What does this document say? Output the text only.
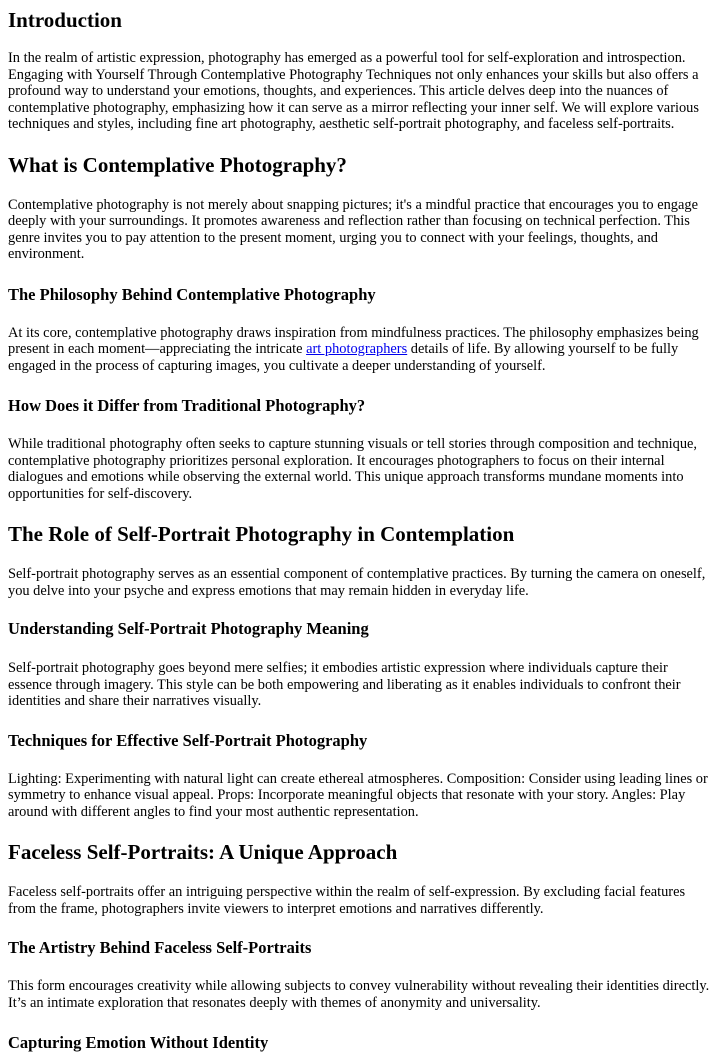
Introduction

In the realm of artistic expression, photography has emerged as a powerful tool for self-exploration and introspection. Engaging with Yourself Through Contemplative Photography Techniques not only enhances your skills but also offers a profound way to understand your emotions, thoughts, and experiences. This article delves deep into the nuances of contemplative photography, emphasizing how it can serve as a mirror reflecting your inner self. We will explore various techniques and styles, including fine art photography, aesthetic self-portrait photography, and faceless self-portraits.

What is Contemplative Photography?

Contemplative photography is not merely about snapping pictures; it's a mindful practice that encourages you to engage deeply with your surroundings. It promotes awareness and reflection rather than focusing on technical perfection. This genre invites you to pay attention to the present moment, urging you to connect with your feelings, thoughts, and environment.

The Philosophy Behind Contemplative Photography

At its core, contemplative photography draws inspiration from mindfulness practices. The philosophy emphasizes being present in each moment—appreciating the intricate art photographers details of life. By allowing yourself to be fully engaged in the process of capturing images, you cultivate a deeper understanding of yourself.

How Does it Differ from Traditional Photography?

While traditional photography often seeks to capture stunning visuals or tell stories through composition and technique, contemplative photography prioritizes personal exploration. It encourages photographers to focus on their internal dialogues and emotions while observing the external world. This unique approach transforms mundane moments into opportunities for self-discovery.

The Role of Self-Portrait Photography in Contemplation

Self-portrait photography serves as an essential component of contemplative practices. By turning the camera on oneself, you delve into your psyche and express emotions that may remain hidden in everyday life.

Understanding Self-Portrait Photography Meaning

Self-portrait photography goes beyond mere selfies; it embodies artistic expression where individuals capture their essence through imagery. This style can be both empowering and liberating as it enables individuals to confront their identities and share their narratives visually.

Techniques for Effective Self-Portrait Photography

Lighting: Experimenting with natural light can create ethereal atmospheres. Composition: Consider using leading lines or symmetry to enhance visual appeal. Props: Incorporate meaningful objects that resonate with your story. Angles: Play around with different angles to find your most authentic representation.

Faceless Self-Portraits: A Unique Approach

Faceless self-portraits offer an intriguing perspective within the realm of self-expression. By excluding facial features from the frame, photographers invite viewers to interpret emotions and narratives differently.

The Artistry Behind Faceless Self-Portraits

This form encourages creativity while allowing subjects to convey vulnerability without revealing their identities directly. It’s an intimate exploration that resonates deeply with themes of anonymity and universality.

Capturing Emotion Without Identity
